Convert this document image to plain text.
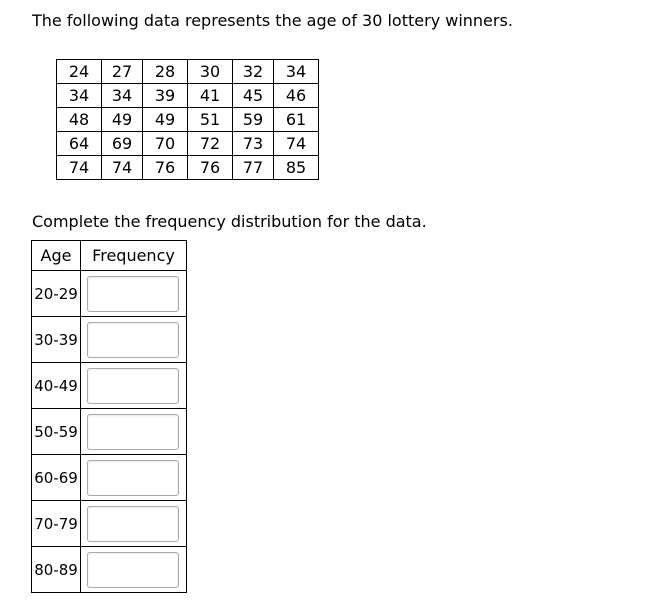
The following data represents the age of 30 lottery winners.

24	27	28	30	32	34
34	34	39	41	45	46
48	49	49	51	59	61
64	69	70	72	73	74
74	74	76	76	77	85

Complete the frequency distribution for the data.

Age	Frequency
20-29	

30-39	

40-49	

50-59	

60-69	

70-79	

80-89	
